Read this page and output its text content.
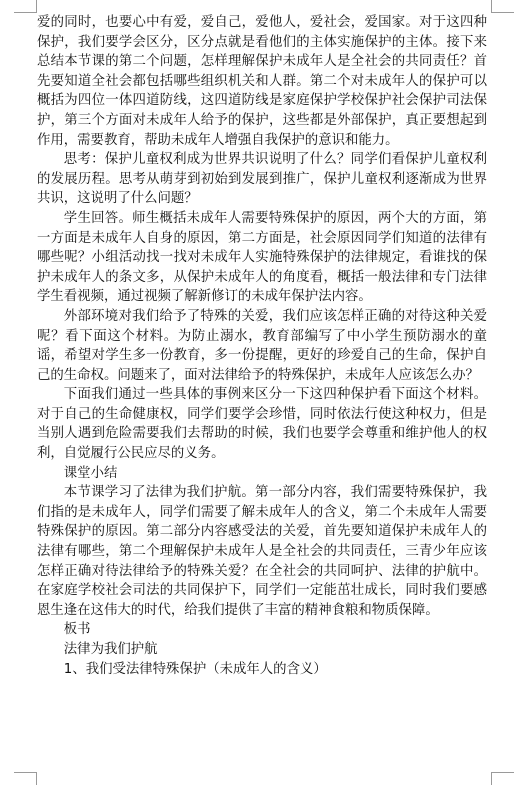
爱的同时，也要心中有爱，爱自己，爱他人，爱社会，爱国家。对于这四种保护，我们要学会区分，区分点就是看他们的主体实施保护的主体。接下来总结本节课的第二个问题，怎样理解保护未成年人是全社会的共同责任？首先要知道全社会都包括哪些组织机关和人群。第二个对未成年人的保护可以概括为四位一体四道防线，这四道防线是家庭保护学校保护社会保护司法保护，第三个方面对未成年人给予的保护，这些都是外部保护，真正要想起到作用，需要教育，帮助未成年人增强自我保护的意识和能力。

思考：保护儿童权利成为世界共识说明了什么？同学们看保护儿童权利的发展历程。思考从萌芽到初始到发展到推广，保护儿童权利逐渐成为世界共识，这说明了什么问题？

学生回答。师生概括未成年人需要特殊保护的原因，两个大的方面，第一方面是未成年人自身的原因，第二方面是，社会原因同学们知道的法律有哪些呢？小组活动找一找对未成年人实施特殊保护的法律规定，看谁找的保护未成年人的条文多，从保护未成年人的角度看，概括一般法律和专门法律学生看视频，通过视频了解新修订的未成年保护法内容。

外部环境对我们给予了特殊的关爱，我们应该怎样正确的对待这种关爱呢？看下面这个材料。为防止溺水，教育部编写了中小学生预防溺水的童谣，希望对学生多一份教育，多一份提醒，更好的珍爱自己的生命，保护自己的生命权。问题来了，面对法律给予的特殊保护，未成年人应该怎么办？

下面我们通过一些具体的事例来区分一下这四种保护看下面这个材料。对于自己的生命健康权，同学们要学会珍惜，同时依法行使这种权力，但是当别人遇到危险需要我们去帮助的时候，我们也要学会尊重和维护他人的权利，自觉履行公民应尽的义务。

课堂小结

本节课学习了法律为我们护航。第一部分内容，我们需要特殊保护，我们指的是未成年人，同学们需要了解未成年人的含义，第二个未成年人需要特殊保护的原因。第二部分内容感受法的关爱，首先要知道保护未成年人的法律有哪些，第二个理解保护未成年人是全社会的共同责任，三青少年应该怎样正确对待法律给予的特殊关爱？在全社会的共同呵护、法律的护航中。在家庭学校社会司法的共同保护下，同学们一定能茁壮成长，同时我们要感恩生逢在这伟大的时代，给我们提供了丰富的精神食粮和物质保障。

板书

法律为我们护航

1、我们受法律特殊保护（未成年人的含义）
